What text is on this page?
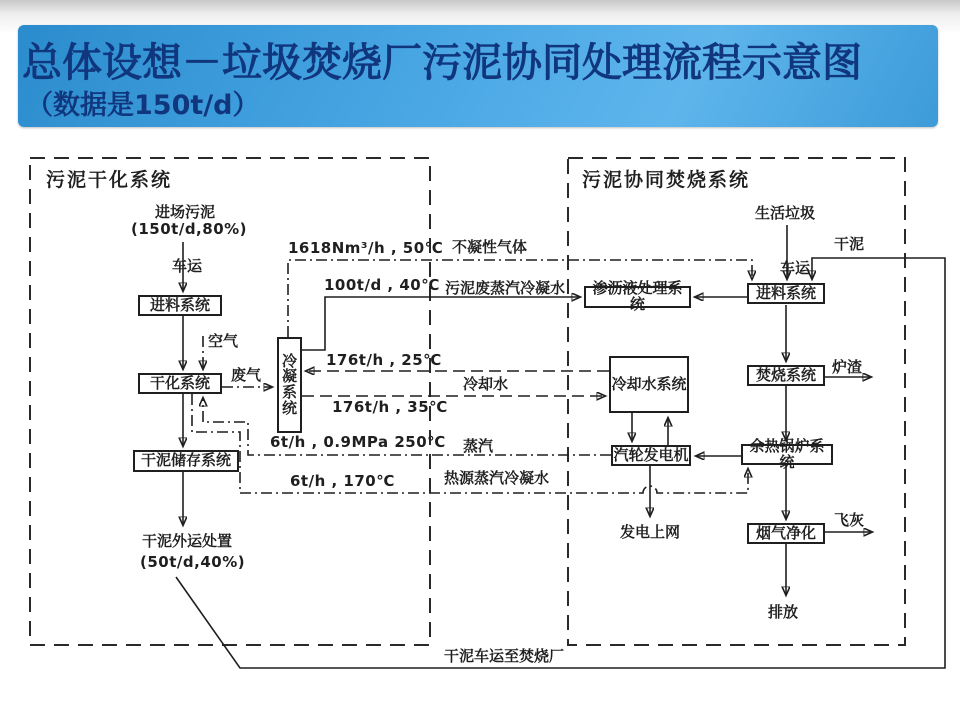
总体设想－垃圾焚烧厂污泥协同处理流程示意图
（数据是150t/d）
污泥干化系统	污泥协同焚烧系统
进料系统
干化系统
干泥储存系统
冷凝系统
渗沥液处理系统
进料系统
焚烧系统
冷却水系统
汽轮发电机	余热锅炉系统
烟气净化
进场污泥
(150t/d,80%)
车运
空气
废气
1618Nm³/h , 50℃ 不凝性气体
100t/d , 40℃ 污泥废蒸汽冷凝水
176t/h , 25℃
冷却水
176t/h , 35℃
6t/h , 0.9MPa 250℃ 蒸汽
6t/h , 170℃	热源蒸汽冷凝水
干泥外运处置
(50t/d,40%)
干泥车运至焚烧厂
生活垃圾
车运
干泥
炉渣
飞灰
发电上网
排放
